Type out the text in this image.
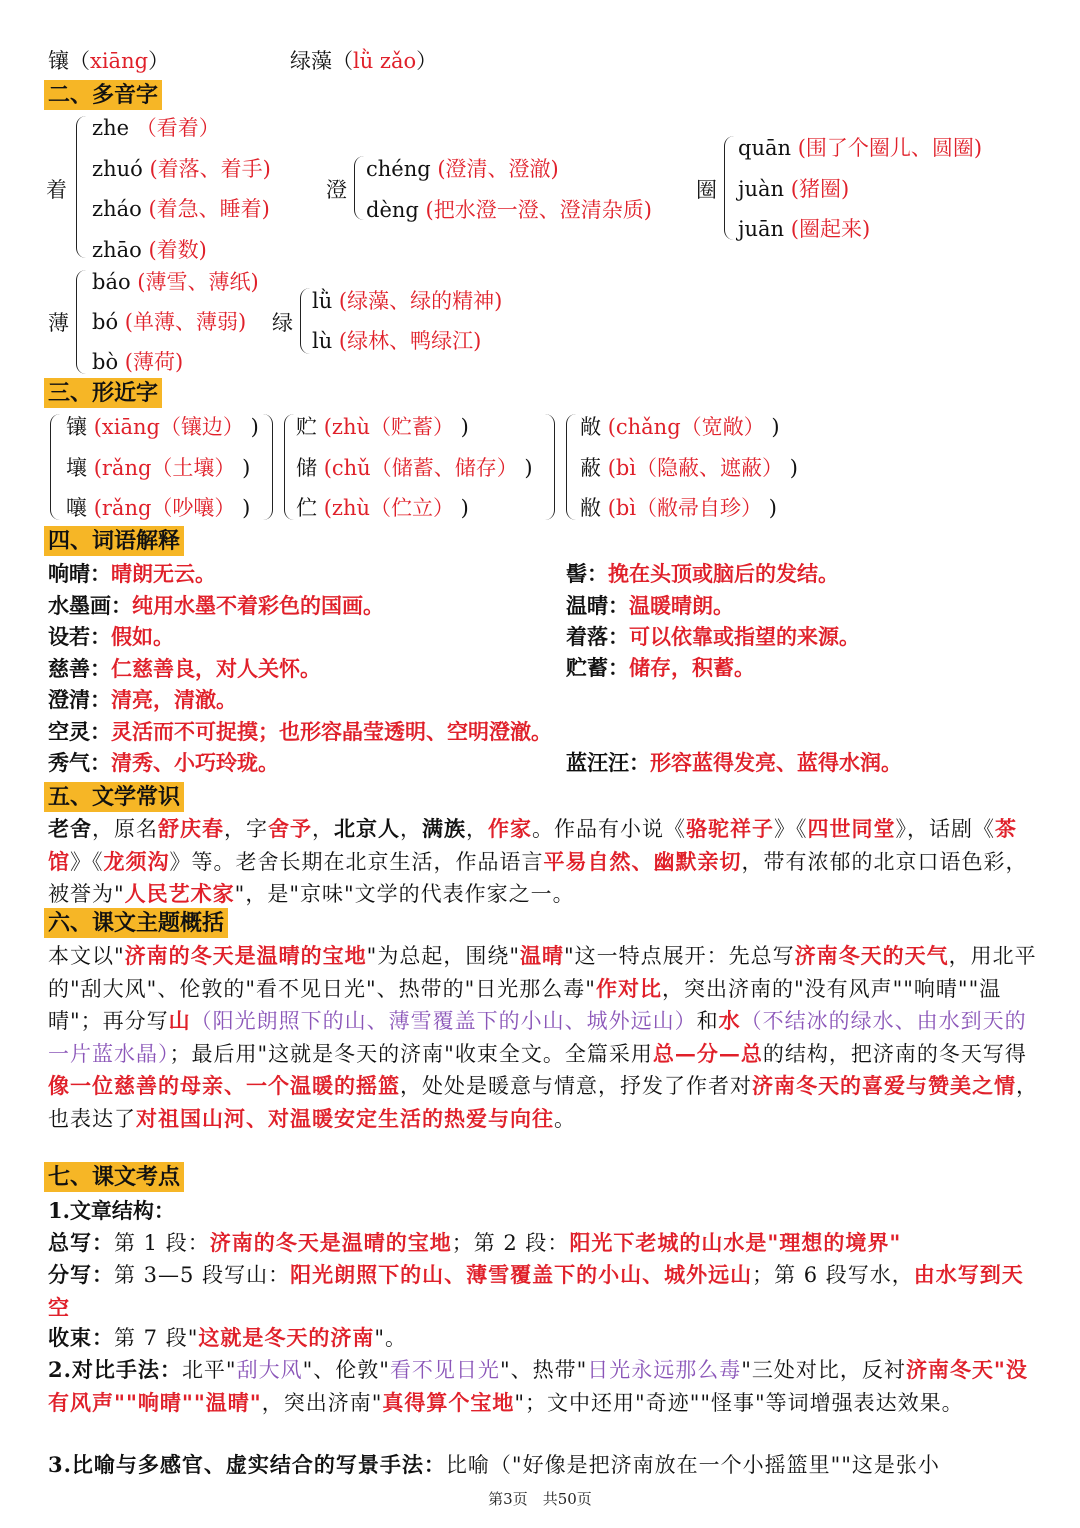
镶（xiāng）	绿藻（lǜ zǎo）
二、多音字
着
zhe （看着）
zhuó (着落、着手)
zháo (着急、睡着)
zhāo (着数)
澄
chéng (澄清、澄澈)
dèng (把水澄一澄、澄清杂质)
圈
quān (围了个圈儿、圆圈)
juàn (猪圈)
juān (圈起来)
薄
báo (薄雪、薄纸)
bó (单薄、薄弱)
bò (薄荷)
绿
lǜ (绿藻、绿的精神)
lù (绿林、鸭绿江)
三、形近字
镶 (xiāng（镶边） )
壤 (rǎng（土壤） )
嚷 (rǎng（吵嚷） )
贮 (zhù（贮蓄） )
储 (chǔ（储蓄、储存） )
伫 (zhù（伫立） )
敞 (chǎng（宽敞） )
蔽 (bì（隐蔽、遮蔽） )
敝 (bì（敝帚自珍） )
四、词语解释
响晴：晴朗无云。
水墨画：纯用水墨不着彩色的国画。
设若：假如。
慈善：仁慈善良，对人关怀。
澄清：清亮，清澈。
空灵：灵活而不可捉摸；也形容晶莹透明、空明澄澈。
秀气：清秀、小巧玲珑。
髻：挽在头顶或脑后的发结。
温晴：温暖晴朗。
着落：可以依靠或指望的来源。
贮蓄：储存，积蓄。
蓝汪汪：形容蓝得发亮、蓝得水润。
五、文学常识
老舍，原名舒庆春，字舍予，北京人，满族，作家。作品有小说《骆驼祥子》《四世同堂》，话剧《茶馆》《龙须沟》等。老舍长期在北京生活，作品语言平易自然、幽默亲切，带有浓郁的北京口语色彩，被誉为"人民艺术家"，是"京味"文学的代表作家之一。
六、课文主题概括
本文以"济南的冬天是温晴的宝地"为总起，围绕"温晴"这一特点展开：先总写济南冬天的天气，用北平的"刮大风"、伦敦的"看不见日光"、热带的"日光那么毒"作对比，突出济南的"没有风声""响晴""温晴"；再分写山（阳光朗照下的山、薄雪覆盖下的小山、城外远山）和水（不结冰的绿水、由水到天的一片蓝水晶）；最后用"这就是冬天的济南"收束全文。全篇采用总—分—总的结构，把济南的冬天写得像一位慈善的母亲、一个温暖的摇篮，处处是暖意与情意，抒发了作者对济南冬天的喜爱与赞美之情，也表达了对祖国山河、对温暖安定生活的热爱与向往。
七、课文考点
1.文章结构：
总写：第 1 段：济南的冬天是温晴的宝地；第 2 段：阳光下老城的山水是"理想的境界"
分写：第 3—5 段写山：阳光朗照下的山、薄雪覆盖下的小山、城外远山；第 6 段写水，由水写到天空
收束：第 7 段"这就是冬天的济南"。
2.对比手法：北平"刮大风"、伦敦"看不见日光"、热带"日光永远那么毒"三处对比，反衬济南冬天"没有风声""响晴""温晴"，突出济南"真得算个宝地"；文中还用"奇迹""怪事"等词增强表达效果。
3.比喻与多感官、虚实结合的写景手法：比喻（"好像是把济南放在一个小摇篮里""这是张小
第3页　共50页
